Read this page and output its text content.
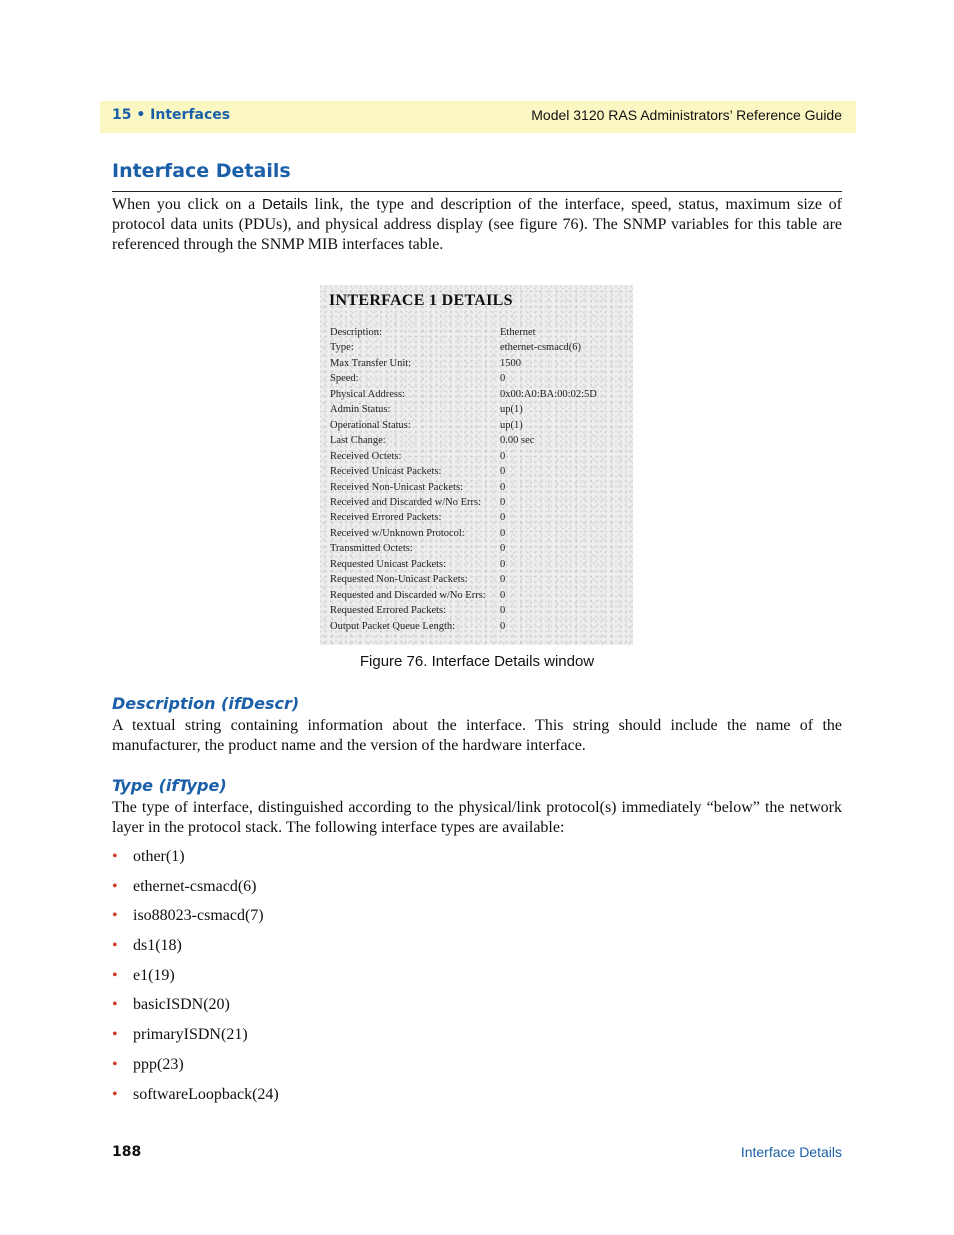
15 • Interfaces	Model 3120 RAS Administrators’ Reference Guide
Interface Details
When you click on a Details link, the type and description of the interface, speed, status, maximum size of protocol data units (PDUs), and physical address display (see figure 76). The SNMP variables for this table are referenced through the SNMP MIB interfaces table.
INTERFACE 1 DETAILS
Description:	Ethernet
Type:	ethernet-csmacd(6)
Max Transfer Unit:	1500
Speed:	0
Physical Address:	0x00:A0:BA:00:02:5D
Admin Status:	up(1)
Operational Status:	up(1)
Last Change:	0.00 sec
Received Octets:	0
Received Unicast Packets:	0
Received Non-Unicast Packets:	0
Received and Discarded w/No Errs: 0
Received Errored Packets:	0
Received w/Unknown Protocol:	0
Transmitted Octets:	0
Requested Unicast Packets:	0
Requested Non-Unicast Packets:	0
Requested and Discarded w/No Errs: 0
Requested Errored Packets:	0
Output Packet Queue Length:	0
Figure 76. Interface Details window
Description (ifDescr)
A textual string containing information about the interface. This string should include the name of the manufacturer, the product name and the version of the hardware interface.
Type (ifType)
The type of interface, distinguished according to the physical/link protocol(s) immediately “below” the network layer in the protocol stack. The following interface types are available:
• other(1)
• ethernet-csmacd(6)
• iso88023-csmacd(7)
• ds1(18)
• e1(19)
• basicISDN(20)
• primaryISDN(21)
• ppp(23)
• softwareLoopback(24)
188	Interface Details
